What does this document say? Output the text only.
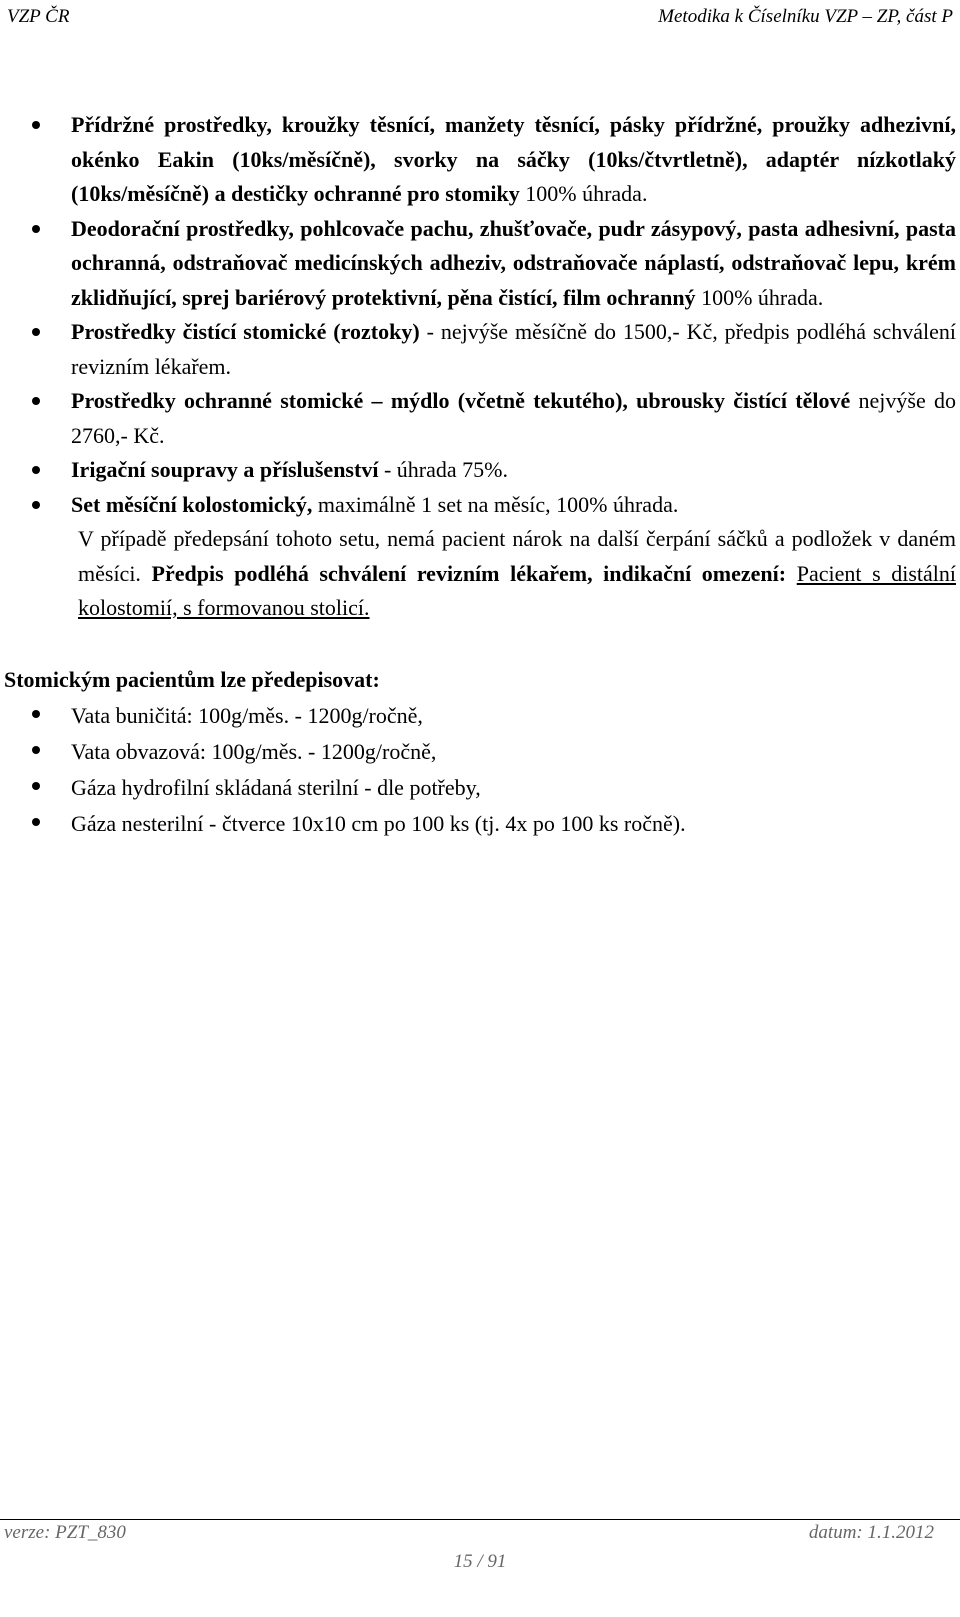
VZP ČR	Metodika k Číselníku VZP – ZP, část P
Přídržné prostředky, kroužky těsnící, manžety těsnící, pásky přídržné, proužky adhezivní, okénko Eakin (10ks/měsíčně), svorky na sáčky (10ks/čtvrtletně), adaptér nízkotlaký (10ks/měsíčně) a destičky ochranné pro stomiky 100% úhrada.
Deodorační prostředky, pohlcovače pachu, zhušťovače, pudr zásypový, pasta adhesivní, pasta ochranná, odstraňovač medicínských adheziv, odstraňovače náplastí, odstraňovač lepu, krém zklidňující, sprej bariérový protektivní, pěna čistící, film ochranný 100% úhrada.
Prostředky čistící stomické (roztoky) - nejvýše měsíčně do 1500,- Kč, předpis podléhá schválení revizním lékařem.
Prostředky ochranné stomické – mýdlo (včetně tekutého), ubrousky čistící tělové nejvýše do 2760,- Kč.
Irigační soupravy a příslušenství - úhrada 75%.
Set měsíční kolostomický, maximálně 1 set na měsíc, 100% úhrada.
V případě předepsání tohoto setu, nemá pacient nárok na další čerpání sáčků a podložek v daném měsíci. Předpis podléhá schválení revizním lékařem, indikační omezení: Pacient s distální kolostomií, s formovanou stolicí.
Stomickým pacientům lze předepisovat:
Vata buničitá: 100g/měs. - 1200g/ročně,
Vata obvazová: 100g/měs. - 1200g/ročně,
Gáza hydrofilní skládaná sterilní - dle potřeby,
Gáza nesterilní - čtverce 10x10 cm po 100 ks (tj. 4x po 100 ks ročně).
verze: PZT_830	datum: 1.1.2012
15 / 91
